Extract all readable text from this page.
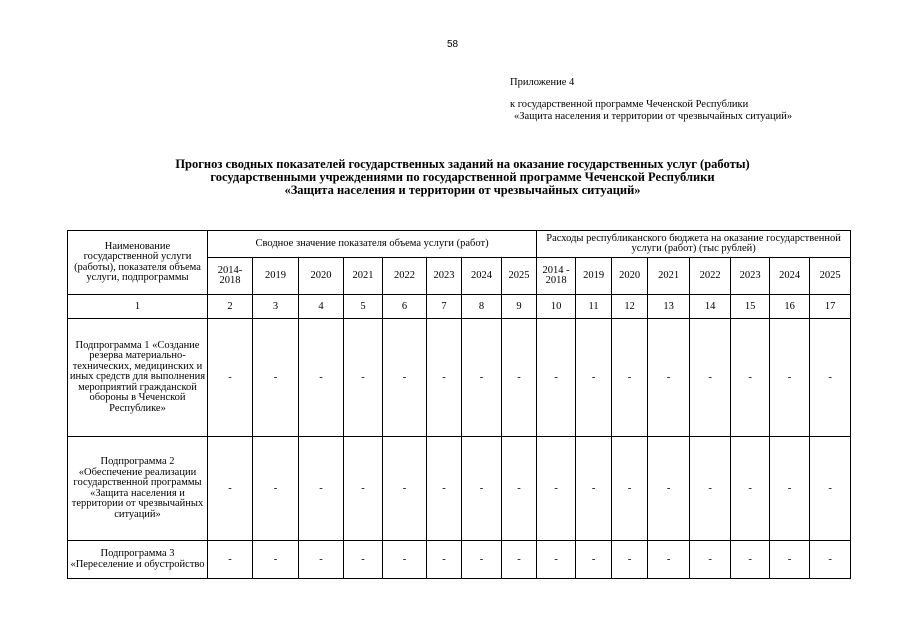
58
Приложение 4
к государственной программе Чеченской Республики
«Защита населения и территории от чрезвычайных ситуаций»
Прогноз сводных показателей государственных заданий на оказание государственных услуг (работы)
государственными учреждениями по государственной программе Чеченской Республики
«Защита населения и территории от чрезвычайных ситуаций»
Наименование государственной услуги (работы), показателя объема услуги, подпрограммы	Сводное значение показателя объема услуги (работ)								Расходы республиканского бюджета на оказание государственной услуги (работ) (тыс рублей)							
	2014-2018	2019	2020	2021	2022	2023	2024	2025	2014 - 2018	2019	2020	2021	2022	2023	2024	2025
1	2	3	4	5	6	7	8	9	10	11	12	13	14	15	16	17
Подпрограмма 1 «Создание резерва материально-технических, медицинских и иных средств для выполнения мероприятий гражданской обороны в Чеченской Республике»	-	-	-	-	-	-	-	-	-	-	-	-	-	-	-	-
Подпрограмма 2 «Обеспечение реализации государственной программы «Защита населения и территории от чрезвычайных ситуаций»	-	-	-	-	-	-	-	-	-	-	-	-	-	-	-	-
Подпрограмма 3 «Переселение и обустройство	-	-	-	-	-	-	-	-	-	-	-	-	-	-	-	-
